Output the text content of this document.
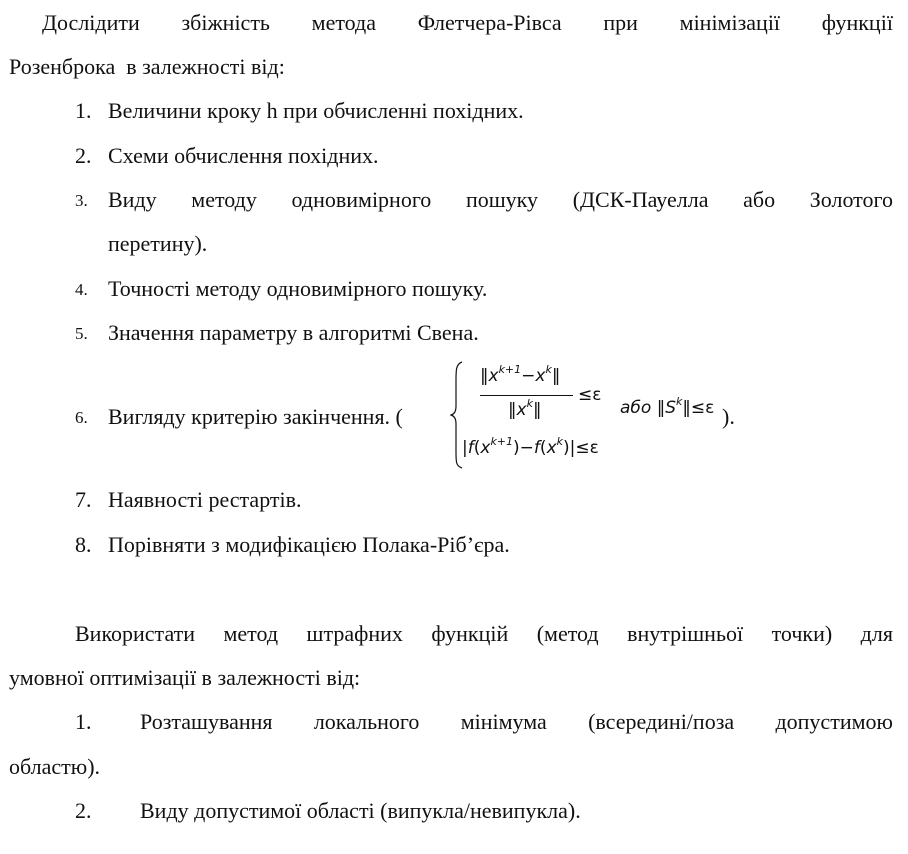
Дослідити збіжність метода Флетчера-Рівса при мінімізації функції
Розенброка  в залежності від:
1. Величини кроку h при обчисленні похідних.
2. Схеми обчислення похідних.
3. Виду методу одновимірного пошуку (ДСК-Пауелла або Золотого
перетину).
4. Точності методу одновимірного пошуку.
5. Значення параметру в алгоритмі Свена.
6. Вигляду критерію закінчення. (
$‖x^{k+1}-x^k‖$
$‖x^k‖$
≤ε
$|f(x^{k+1})-f(x^k)|\le\varepsilon$
або $‖S^k‖\le\varepsilon$ ).
7. Наявності рестартів.
8. Порівняти з модифікацією Полака-Ріб’єра.
Використати метод штрафних функцій (метод внутрішньої точки) для
умовної оптимізації в залежності від:
1. Розташування локального мінімума (всередині/поза допустимою
областю).
2. Виду допустимої області (випукла/невипукла).
